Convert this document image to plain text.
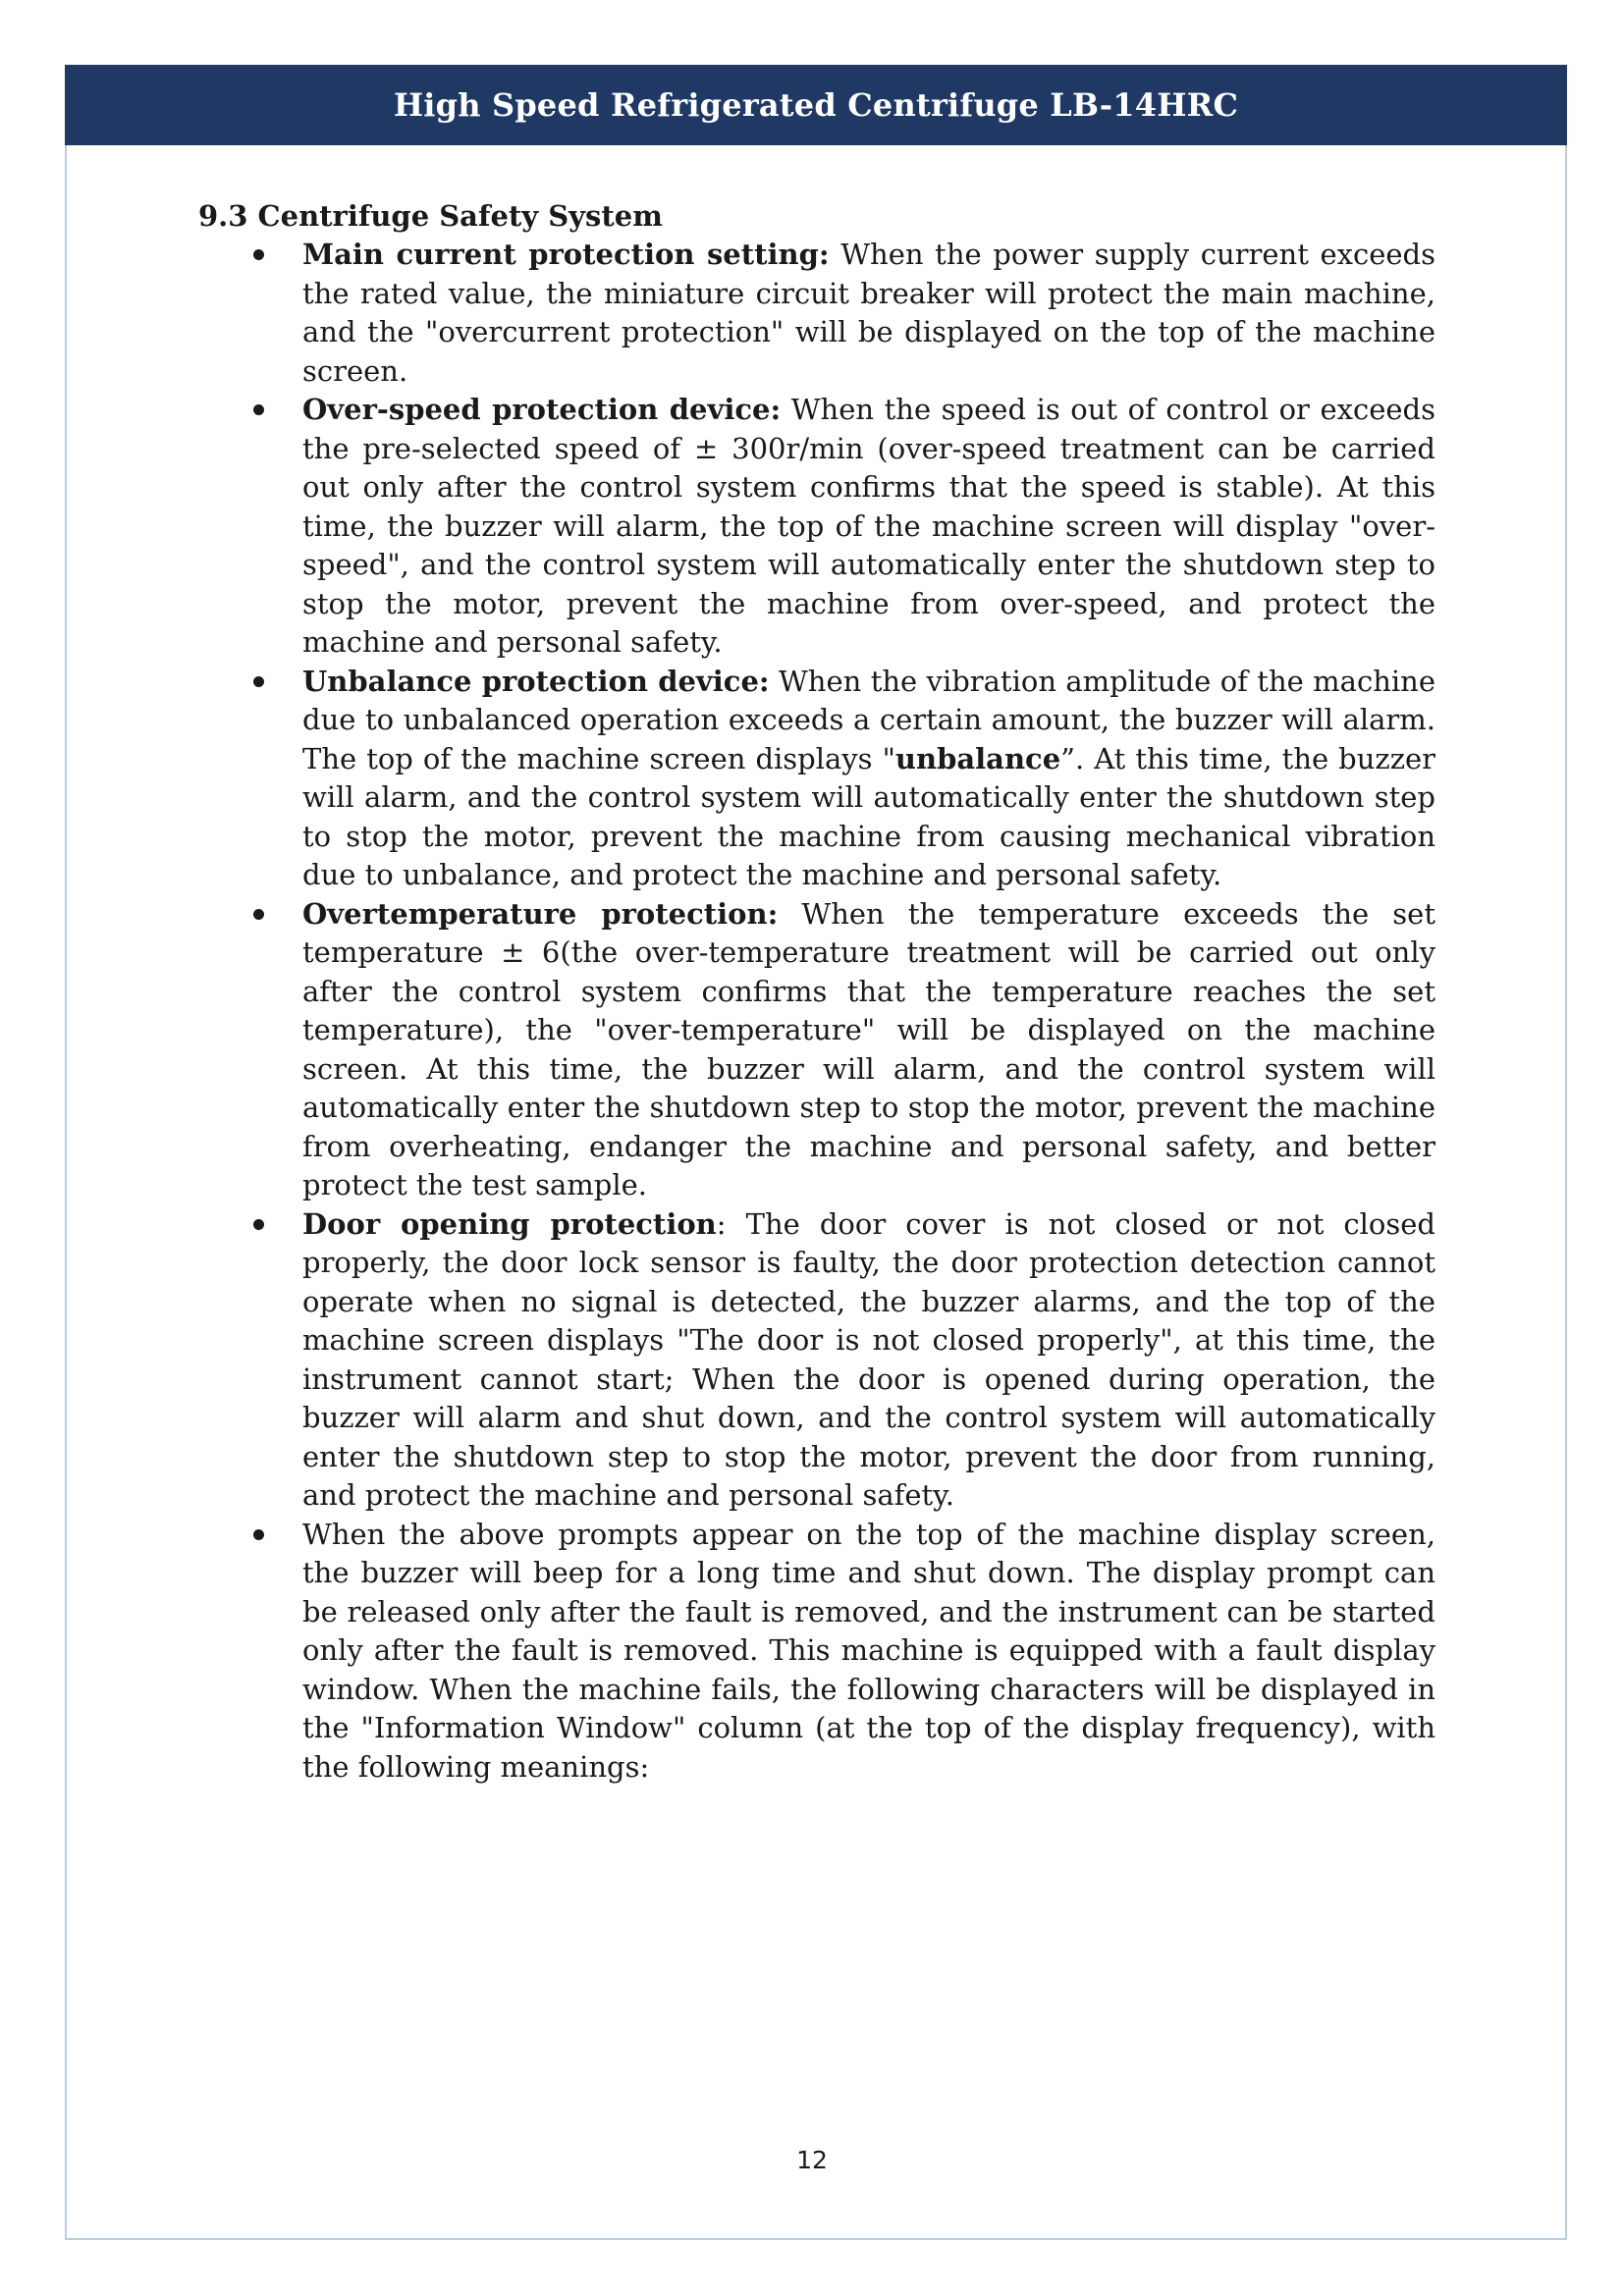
High Speed Refrigerated Centrifuge LB-14HRC
9.3 Centrifuge Safety System
Main current protection setting: When the power supply current exceeds the rated value, the miniature circuit breaker will protect the main machine, and the "overcurrent protection" will be displayed on the top of the machine screen.
Over-speed protection device: When the speed is out of control or exceeds the pre-selected speed of ± 300r/min (over-speed treatment can be carried out only after the control system confirms that the speed is stable). At this time, the buzzer will alarm, the top of the machine screen will display "over-speed", and the control system will automatically enter the shutdown step to stop the motor, prevent the machine from over-speed, and protect the machine and personal safety.
Unbalance protection device: When the vibration amplitude of the machine due to unbalanced operation exceeds a certain amount, the buzzer will alarm. The top of the machine screen displays "unbalance”. At this time, the buzzer will alarm, and the control system will automatically enter the shutdown step to stop the motor, prevent the machine from causing mechanical vibration due to unbalance, and protect the machine and personal safety.
Overtemperature protection: When the temperature exceeds the set temperature ± 6(the over-temperature treatment will be carried out only after the control system confirms that the temperature reaches the set temperature), the "over-temperature" will be displayed on the machine screen. At this time, the buzzer will alarm, and the control system will automatically enter the shutdown step to stop the motor, prevent the machine from overheating, endanger the machine and personal safety, and better protect the test sample.
Door opening protection: The door cover is not closed or not closed properly, the door lock sensor is faulty, the door protection detection cannot operate when no signal is detected, the buzzer alarms, and the top of the machine screen displays "The door is not closed properly", at this time, the instrument cannot start; When the door is opened during operation, the buzzer will alarm and shut down, and the control system will automatically enter the shutdown step to stop the motor, prevent the door from running, and protect the machine and personal safety.
When the above prompts appear on the top of the machine display screen, the buzzer will beep for a long time and shut down. The display prompt can be released only after the fault is removed, and the instrument can be started only after the fault is removed. This machine is equipped with a fault display window. When the machine fails, the following characters will be displayed in the "Information Window" column (at the top of the display frequency), with the following meanings:
12
